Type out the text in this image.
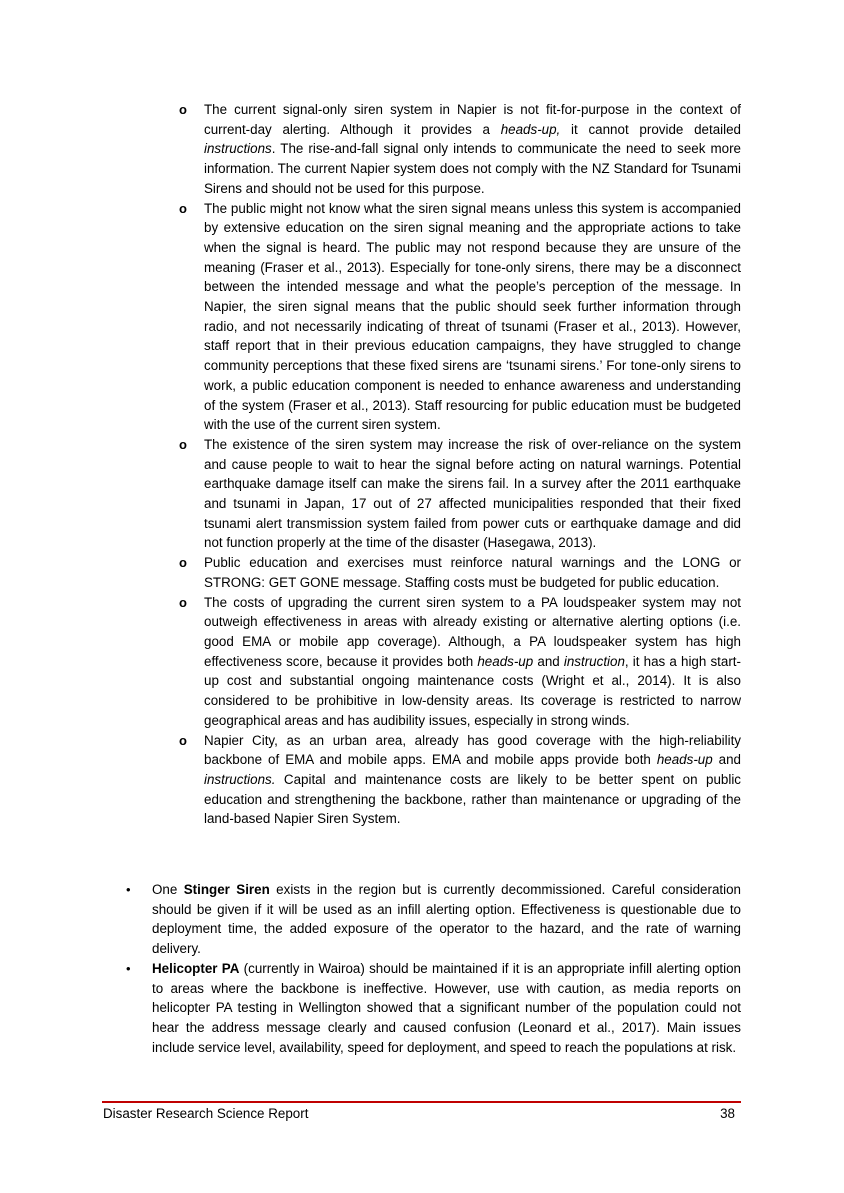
o The current signal-only siren system in Napier is not fit-for-purpose in the context of current-day alerting. Although it provides a heads-up, it cannot provide detailed instructions. The rise-and-fall signal only intends to communicate the need to seek more information. The current Napier system does not comply with the NZ Standard for Tsunami Sirens and should not be used for this purpose.
o The public might not know what the siren signal means unless this system is accompanied by extensive education on the siren signal meaning and the appropriate actions to take when the signal is heard. The public may not respond because they are unsure of the meaning (Fraser et al., 2013). Especially for tone-only sirens, there may be a disconnect between the intended message and what the people’s perception of the message. In Napier, the siren signal means that the public should seek further information through radio, and not necessarily indicating of threat of tsunami (Fraser et al., 2013). However, staff report that in their previous education campaigns, they have struggled to change community perceptions that these fixed sirens are ‘tsunami sirens.’ For tone-only sirens to work, a public education component is needed to enhance awareness and understanding of the system (Fraser et al., 2013). Staff resourcing for public education must be budgeted with the use of the current siren system.
o The existence of the siren system may increase the risk of over-reliance on the system and cause people to wait to hear the signal before acting on natural warnings. Potential earthquake damage itself can make the sirens fail. In a survey after the 2011 earthquake and tsunami in Japan, 17 out of 27 affected municipalities responded that their fixed tsunami alert transmission system failed from power cuts or earthquake damage and did not function properly at the time of the disaster (Hasegawa, 2013).
o Public education and exercises must reinforce natural warnings and the LONG or STRONG: GET GONE message. Staffing costs must be budgeted for public education.
o The costs of upgrading the current siren system to a PA loudspeaker system may not outweigh effectiveness in areas with already existing or alternative alerting options (i.e. good EMA or mobile app coverage). Although, a PA loudspeaker system has high effectiveness score, because it provides both heads-up and instruction, it has a high start-up cost and substantial ongoing maintenance costs (Wright et al., 2014). It is also considered to be prohibitive in low-density areas. Its coverage is restricted to narrow geographical areas and has audibility issues, especially in strong winds.
o Napier City, as an urban area, already has good coverage with the high-reliability backbone of EMA and mobile apps. EMA and mobile apps provide both heads-up and instructions. Capital and maintenance costs are likely to be better spent on public education and strengthening the backbone, rather than maintenance or upgrading of the land-based Napier Siren System.
• One Stinger Siren exists in the region but is currently decommissioned. Careful consideration should be given if it will be used as an infill alerting option. Effectiveness is questionable due to deployment time, the added exposure of the operator to the hazard, and the rate of warning delivery.
• Helicopter PA (currently in Wairoa) should be maintained if it is an appropriate infill alerting option to areas where the backbone is ineffective. However, use with caution, as media reports on helicopter PA testing in Wellington showed that a significant number of the population could not hear the address message clearly and caused confusion (Leonard et al., 2017). Main issues include service level, availability, speed for deployment, and speed to reach the populations at risk.
Disaster Research Science Report	38
